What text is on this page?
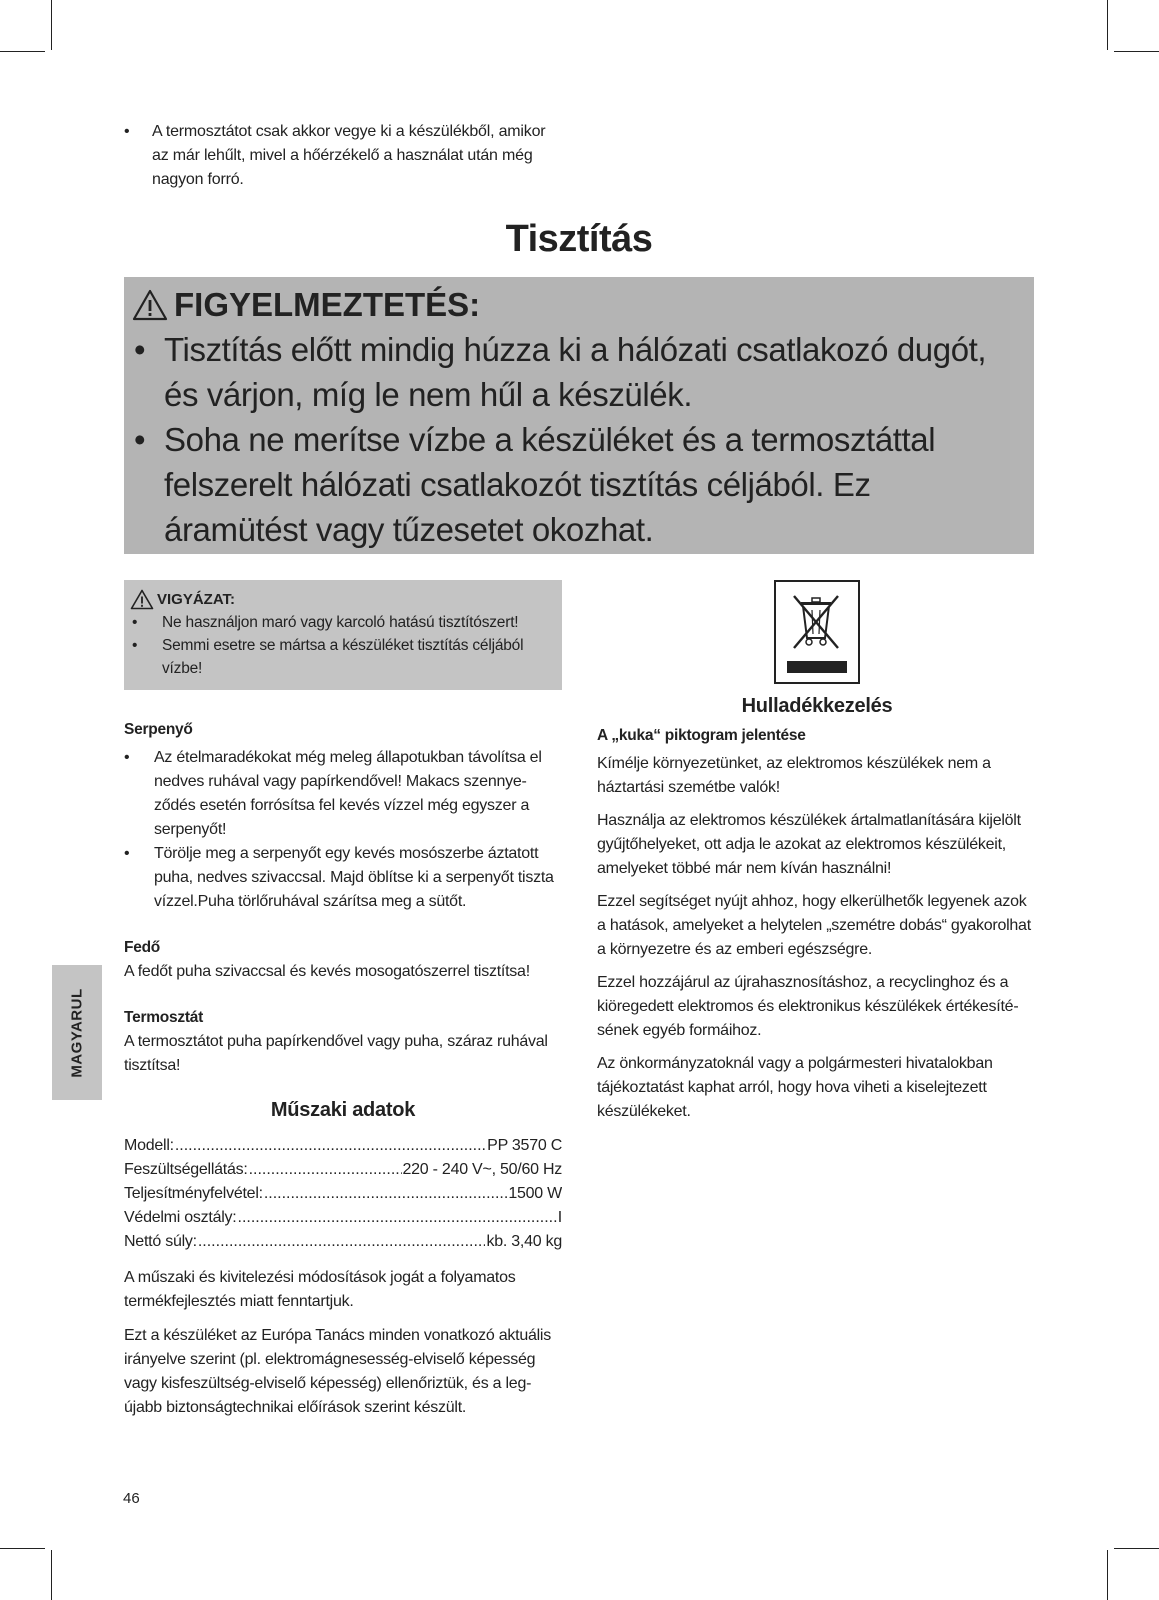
• A termosztátot csak akkor vegye ki a készülékből, amikor az már lehűlt, mivel a hőérzékelő a használat után még nagyon forró.
Tisztítás
FIGYELMEZTETÉS:
• Tisztítás előtt mindig húzza ki a hálózati csatlakozó dugót, és várjon, míg le nem hűl a készülék.
• Soha ne merítse vízbe a készüléket és a termosztáttal felszerelt hálózati csatlakozót tisztítás céljából. Ez áramütést vagy tűzesetet okozhat.
VIGYÁZAT:
• Ne használjon maró vagy karcoló hatású tisztítószert!
• Semmi esetre se mártsa a készüléket tisztítás céljából vízbe!

Serpenyő

• Az ételmaradékokat még meleg állapotukban távolítsa el nedves ruhával vagy papírkendővel! Makacs szennye-ződés esetén forrósítsa fel kevés vízzel még egyszer a serpenyőt!
• Törölje meg a serpenyőt egy kevés mosószerbe áztatott puha, nedves szivaccsal. Majd öblítse ki a serpenyőt tiszta vízzel.Puha törlőruhával szárítsa meg a sütőt.

Fedő

A fedőt puha szivaccsal és kevés mosogatószerrel tisztítsa!

Termosztát

A termosztátot puha papírkendővel vagy puha, száraz ruhával tisztítsa!

Műszaki adatok
Modell: .....	PP 3570 C
Feszültségellátás: .....	220 - 240 V~, 50/60 Hz
Teljesítményfelvétel: .....	1500 W
Védelmi osztály: .....	I
Nettó súly: .....	kb. 3,40 kg

A műszaki és kivitelezési módosítások jogát a folyamatos termékfejlesztés miatt fenntartjuk.

Ezt a készüléket az Európa Tanács minden vonatkozó aktuális irányelve szerint (pl. elektromágnesesség-elviselő képesség vagy kisfeszültség-elviselő képesség) ellenőriztük, és a leg-újabb biztonságtechnikai előírások szerint készült.

Hulladékkezelés

A „kuka“ piktogram jelentése

Kímélje környezetünket, az elektromos készülékek nem a háztartási szemétbe valók!

Használja az elektromos készülékek ártalmatlanítására kijelölt gyűjtőhelyeket, ott adja le azokat az elektromos készülékeit, amelyeket többé már nem kíván használni!

Ezzel segítséget nyújt ahhoz, hogy elkerülhetők legyenek azok a hatások, amelyeket a helytelen „szemétre dobás“ gyakorolhat a környezetre és az emberi egészségre.

Ezzel hozzájárul az újrahasznosításhoz, a recyclinghoz és a kiöregedett elektromos és elektronikus készülékek értékesíté-sének egyéb formáihoz.

Az önkormányzatoknál vagy a polgármesteri hivatalokban tájékoztatást kaphat arról, hogy hova viheti a kiselejtezett készülékeket.

MAGYARUL
46
